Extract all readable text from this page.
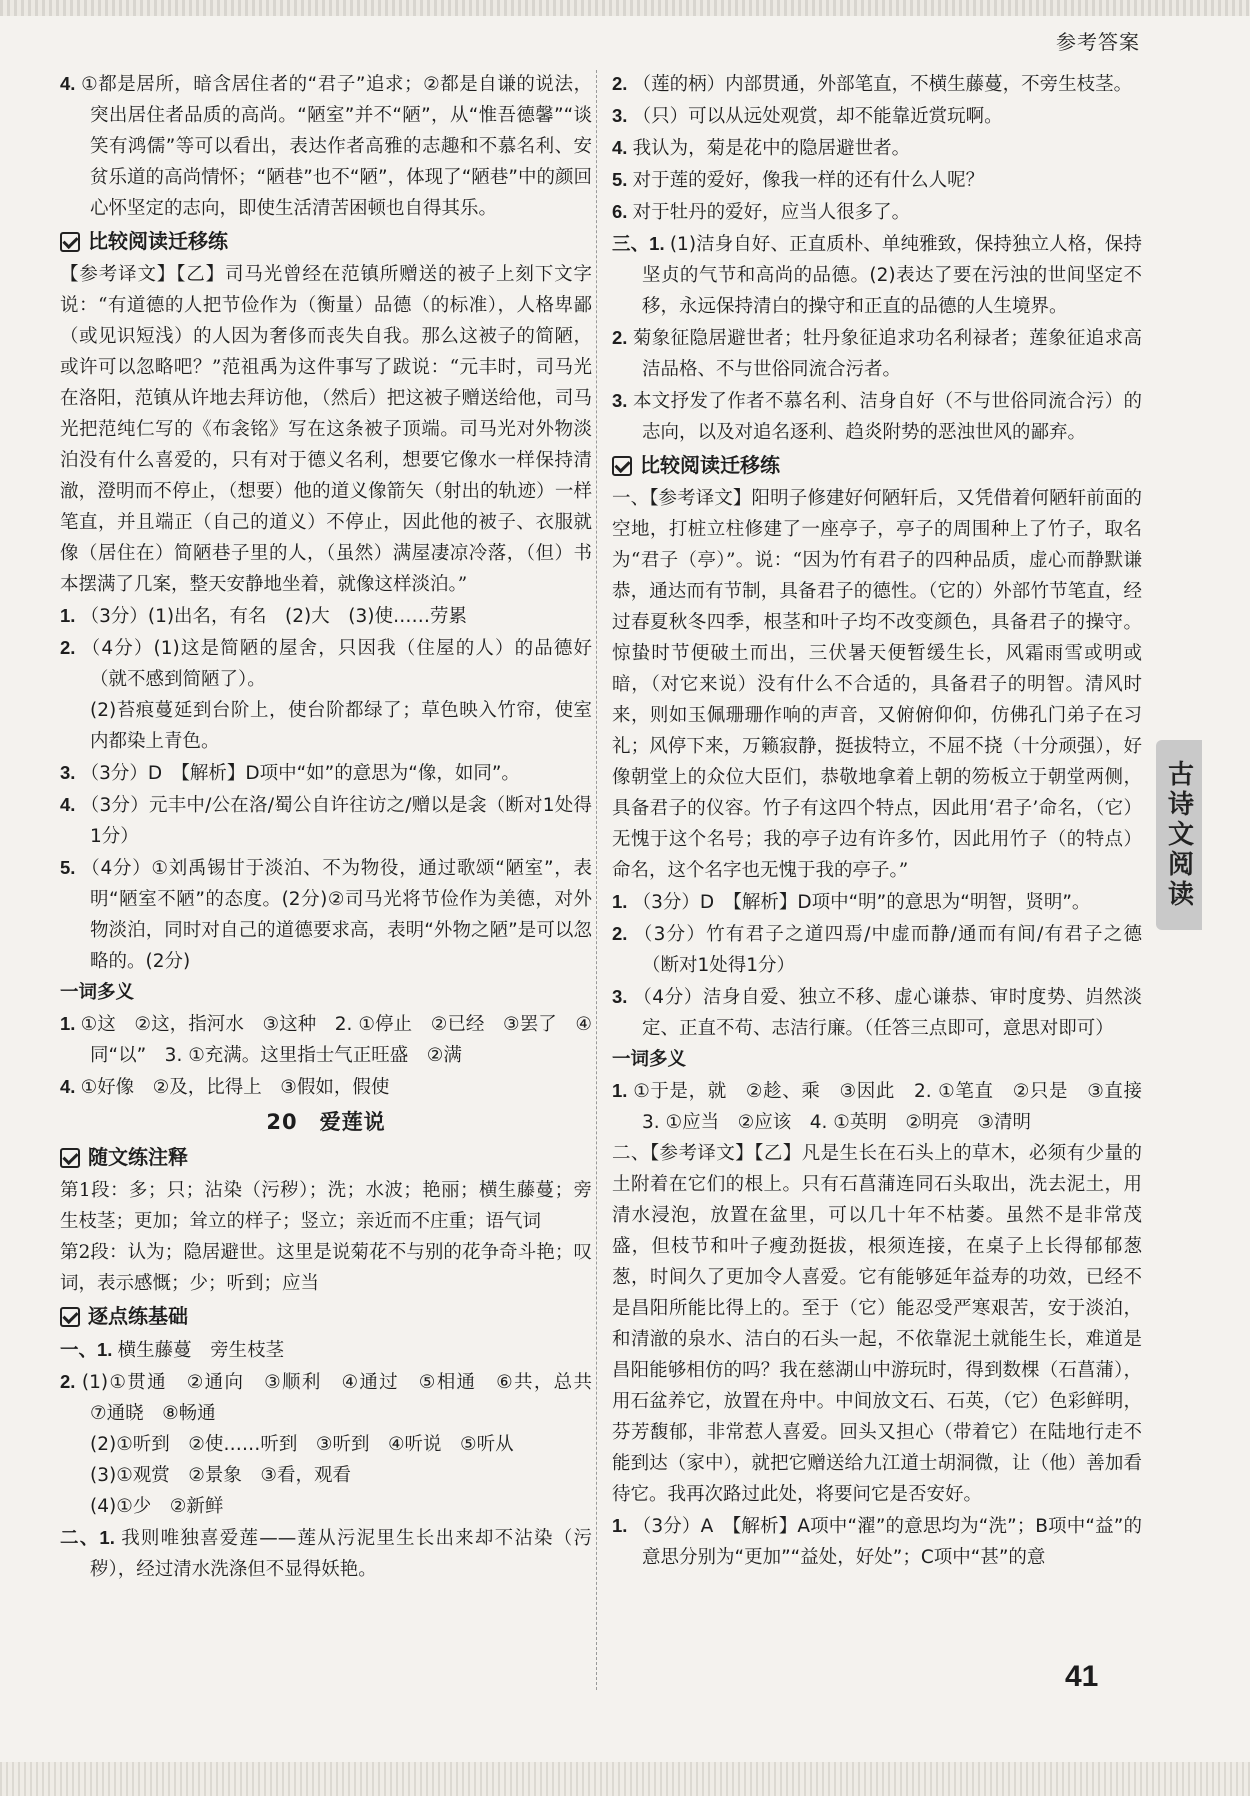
参考答案

4. ①都是居所，暗含居住者的“君子”追求；②都是自谦的说法，突出居住者品质的高尚。“陋室”并不“陋”，从“惟吾德馨”“谈笑有鸿儒”等可以看出，表达作者高雅的志趣和不慕名利、安贫乐道的高尚情怀；“陋巷”也不“陋”，体现了“陋巷”中的颜回心怀坚定的志向，即使生活清苦困顿也自得其乐。

比较阅读迁移练

【参考译文】【乙】司马光曾经在范镇所赠送的被子上刻下文字说：“有道德的人把节俭作为（衡量）品德（的标准），人格卑鄙（或见识短浅）的人因为奢侈而丧失自我。那么这被子的简陋，或许可以忽略吧？”范祖禹为这件事写了跋说：“元丰时，司马光在洛阳，范镇从许地去拜访他，（然后）把这被子赠送给他，司马光把范纯仁写的《布衾铭》写在这条被子顶端。司马光对外物淡泊没有什么喜爱的，只有对于德义名利，想要它像水一样保持清澈，澄明而不停止，（想要）他的道义像箭矢（射出的轨迹）一样笔直，并且端正（自己的道义）不停止，因此他的被子、衣服就像（居住在）简陋巷子里的人，（虽然）满屋凄凉冷落，（但）书本摆满了几案，整天安静地坐着，就像这样淡泊。”

1. （3分）(1)出名，有名　(2)大　(3)使……劳累

2. （4分）(1)这是简陋的屋舍，只因我（住屋的人）的品德好（就不感到简陋了）。

(2)苔痕蔓延到台阶上，使台阶都绿了；草色映入竹帘，使室内都染上青色。

3. （3分）D　【解析】D项中“如”的意思为“像，如同”。

4. （3分）元丰中/公在洛/蜀公自许往访之/赠以是衾（断对1处得1分）

5. （4分）①刘禹锡甘于淡泊、不为物役，通过歌颂“陋室”，表明“陋室不陋”的态度。(2分)②司马光将节俭作为美德，对外物淡泊，同时对自己的道德要求高，表明“外物之陋”是可以忽略的。(2分)

一词多义

1. ①这　②这，指河水　③这种　2. ①停止　②已经　③罢了　④同“以”　3. ①充满。这里指士气正旺盛　②满

4. ①好像　②及，比得上　③假如，假使

20　爱莲说

随文练注释

第1段：多；只；沾染（污秽）；洗；水波；艳丽；横生藤蔓；旁生枝茎；更加；耸立的样子；竖立；亲近而不庄重；语气词

第2段：认为；隐居避世。这里是说菊花不与别的花争奇斗艳；叹词，表示感慨；少；听到；应当

逐点练基础

一、1. 横生藤蔓　旁生枝茎

2. (1)①贯通　②通向　③顺利　④通过　⑤相通　⑥共，总共　⑦通晓　⑧畅通

(2)①听到　②使……听到　③听到　④听说　⑤听从

(3)①观赏　②景象　③看，观看

(4)①少　②新鲜

二、1. 我则唯独喜爱莲——莲从污泥里生长出来却不沾染（污秽），经过清水洗涤但不显得妖艳。

2. （莲的柄）内部贯通，外部笔直，不横生藤蔓，不旁生枝茎。

3. （只）可以从远处观赏，却不能靠近赏玩啊。

4. 我认为，菊是花中的隐居避世者。

5. 对于莲的爱好，像我一样的还有什么人呢？

6. 对于牡丹的爱好，应当人很多了。

三、1. (1)洁身自好、正直质朴、单纯雅致，保持独立人格，保持坚贞的气节和高尚的品德。(2)表达了要在污浊的世间坚定不移，永远保持清白的操守和正直的品德的人生境界。

2. 菊象征隐居避世者；牡丹象征追求功名利禄者；莲象征追求高洁品格、不与世俗同流合污者。

3. 本文抒发了作者不慕名利、洁身自好（不与世俗同流合污）的志向，以及对追名逐利、趋炎附势的恶浊世风的鄙弃。

比较阅读迁移练

一、【参考译文】阳明子修建好何陋轩后，又凭借着何陋轩前面的空地，打桩立柱修建了一座亭子，亭子的周围种上了竹子，取名为“君子（亭）”。说：“因为竹有君子的四种品质，虚心而静默谦恭，通达而有节制，具备君子的德性。（它的）外部竹节笔直，经过春夏秋冬四季，根茎和叶子均不改变颜色，具备君子的操守。惊蛰时节便破土而出，三伏暑天便暂缓生长，风霜雨雪或明或暗，（对它来说）没有什么不合适的，具备君子的明智。清风时来，则如玉佩珊珊作响的声音，又俯俯仰仰，仿佛孔门弟子在习礼；风停下来，万籁寂静，挺拔特立，不屈不挠（十分顽强），好像朝堂上的众位大臣们，恭敬地拿着上朝的笏板立于朝堂两侧，具备君子的仪容。竹子有这四个特点，因此用‘君子’命名，（它）无愧于这个名号；我的亭子边有许多竹，因此用竹子（的特点）命名，这个名字也无愧于我的亭子。”

1. （3分）D　【解析】D项中“明”的意思为“明智，贤明”。

2. （3分）竹有君子之道四焉/中虚而静/通而有间/有君子之德（断对1处得1分）

3. （4分）洁身自爱、独立不移、虚心谦恭、审时度势、岿然淡定、正直不苟、志洁行廉。（任答三点即可，意思对即可）

一词多义

1. ①于是，就　②趁、乘　③因此　2. ①笔直　②只是　③直接　3. ①应当　②应该　4. ①英明　②明亮　③清明

二、【参考译文】【乙】凡是生长在石头上的草木，必须有少量的土附着在它们的根上。只有石菖蒲连同石头取出，洗去泥土，用清水浸泡，放置在盆里，可以几十年不枯萎。虽然不是非常茂盛，但枝节和叶子瘦劲挺拔，根须连接，在桌子上长得郁郁葱葱，时间久了更加令人喜爱。它有能够延年益寿的功效，已经不是昌阳所能比得上的。至于（它）能忍受严寒艰苦，安于淡泊，和清澈的泉水、洁白的石头一起，不依靠泥土就能生长，难道是昌阳能够相仿的吗？我在慈湖山中游玩时，得到数棵（石菖蒲），用石盆养它，放置在舟中。中间放文石、石英，（它）色彩鲜明，芬芳馥郁，非常惹人喜爱。回头又担心（带着它）在陆地行走不能到达（家中），就把它赠送给九江道士胡洞微，让（他）善加看待它。我再次路过此处，将要问它是否安好。

1. （3分）A　【解析】A项中“濯”的意思均为“洗”；B项中“益”的意思分别为“更加”“益处，好处”；C项中“甚”的意

古诗文阅读
41
